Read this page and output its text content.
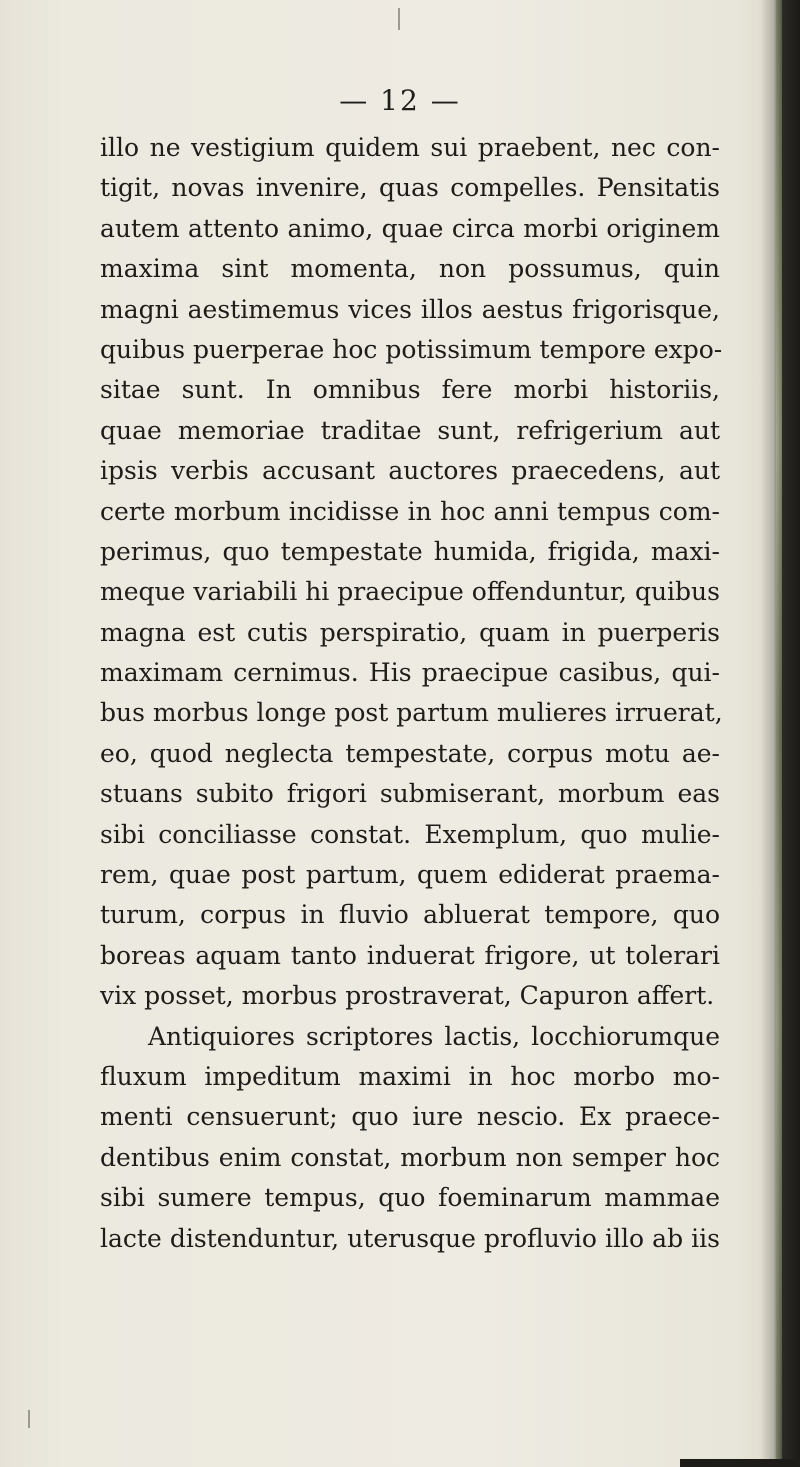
— 12 —
illo ne vestigium quidem sui praebent, nec con-
tigit, novas invenire, quas compelles. Pensitatis
autem attento animo, quae circa morbi originem
maxima sint momenta, non possumus, quin
magni aestimemus vices illos aestus frigorisque,
quibus puerperae hoc potissimum tempore expo-
sitae sunt. In omnibus fere morbi historiis,
quae memoriae traditae sunt, refrigerium aut
ipsis verbis accusant auctores praecedens, aut
certe morbum incidisse in hoc anni tempus com-
perimus, quo tempestate humida, frigida, maxi-
meque variabili hi praecipue offenduntur, quibus
magna est cutis perspiratio, quam in puerperis
maximam cernimus. His praecipue casibus, qui-
bus morbus longe post partum mulieres irruerat,
eo, quod neglecta tempestate, corpus motu ae-
stuans subito frigori submiserant, morbum eas
sibi conciliasse constat. Exemplum, quo mulie-
rem, quae post partum, quem ediderat praema-
turum, corpus in fluvio abluerat tempore, quo
boreas aquam tanto induerat frigore, ut tolerari
vix posset, morbus prostraverat, Capuron affert.
Antiquiores scriptores lactis, locchiorumque
fluxum impeditum maximi in hoc morbo mo-
menti censuerunt; quo iure nescio. Ex praece-
dentibus enim constat, morbum non semper hoc
sibi sumere tempus, quo foeminarum mammae
lacte distenduntur, uterusque profluvio illo ab iis
